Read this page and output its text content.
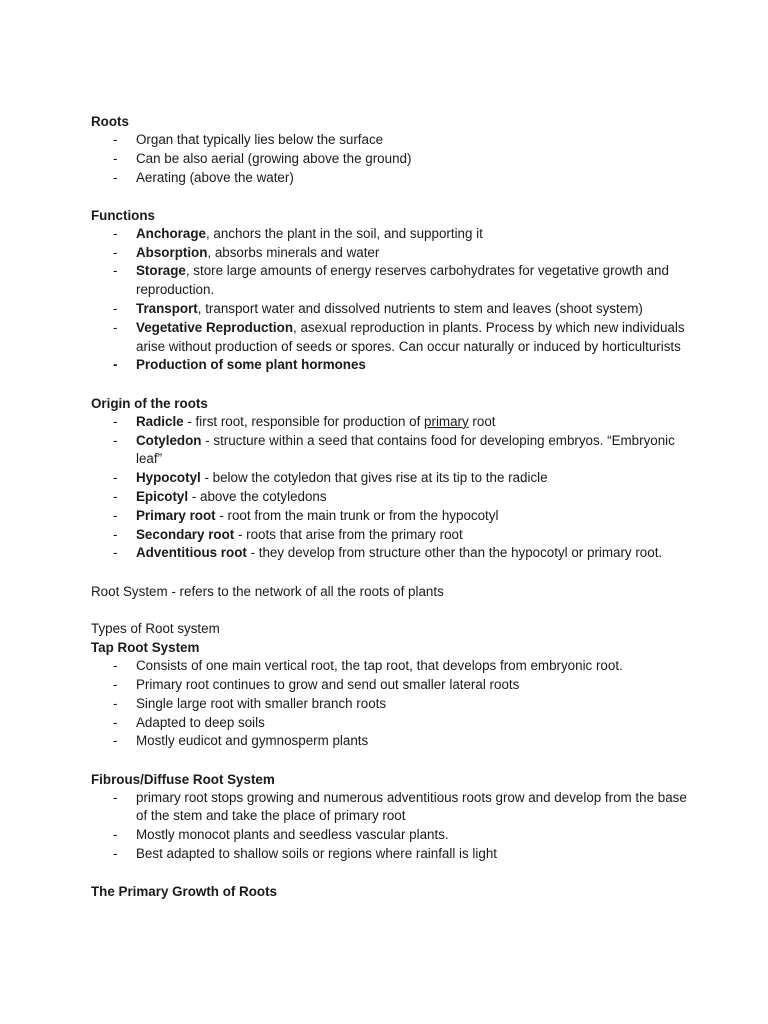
Roots
- Organ that typically lies below the surface
- Can be also aerial (growing above the ground)
- Aerating (above the water)
Functions
- Anchorage, anchors the plant in the soil, and supporting it
- Absorption, absorbs minerals and water
- Storage, store large amounts of energy reserves carbohydrates for vegetative growth and reproduction.
- Transport, transport water and dissolved nutrients to stem and leaves (shoot system)
- Vegetative Reproduction, asexual reproduction in plants. Process by which new individuals arise without production of seeds or spores. Can occur naturally or induced by horticulturists
- Production of some plant hormones
Origin of the roots
- Radicle - first root, responsible for production of primary root
- Cotyledon - structure within a seed that contains food for developing embryos. “Embryonic leaf”
- Hypocotyl - below the cotyledon that gives rise at its tip to the radicle
- Epicotyl - above the cotyledons
- Primary root - root from the main trunk or from the hypocotyl
- Secondary root - roots that arise from the primary root
- Adventitious root - they develop from structure other than the hypocotyl or primary root.
Root System - refers to the network of all the roots of plants
Types of Root system
Tap Root System
- Consists of one main vertical root, the tap root, that develops from embryonic root.
- Primary root continues to grow and send out smaller lateral roots
- Single large root with smaller branch roots
- Adapted to deep soils
- Mostly eudicot and gymnosperm plants
Fibrous/Diffuse Root System
- primary root stops growing and numerous adventitious roots grow and develop from the base of the stem and take the place of primary root
- Mostly monocot plants and seedless vascular plants.
- Best adapted to shallow soils or regions where rainfall is light
The Primary Growth of Roots
